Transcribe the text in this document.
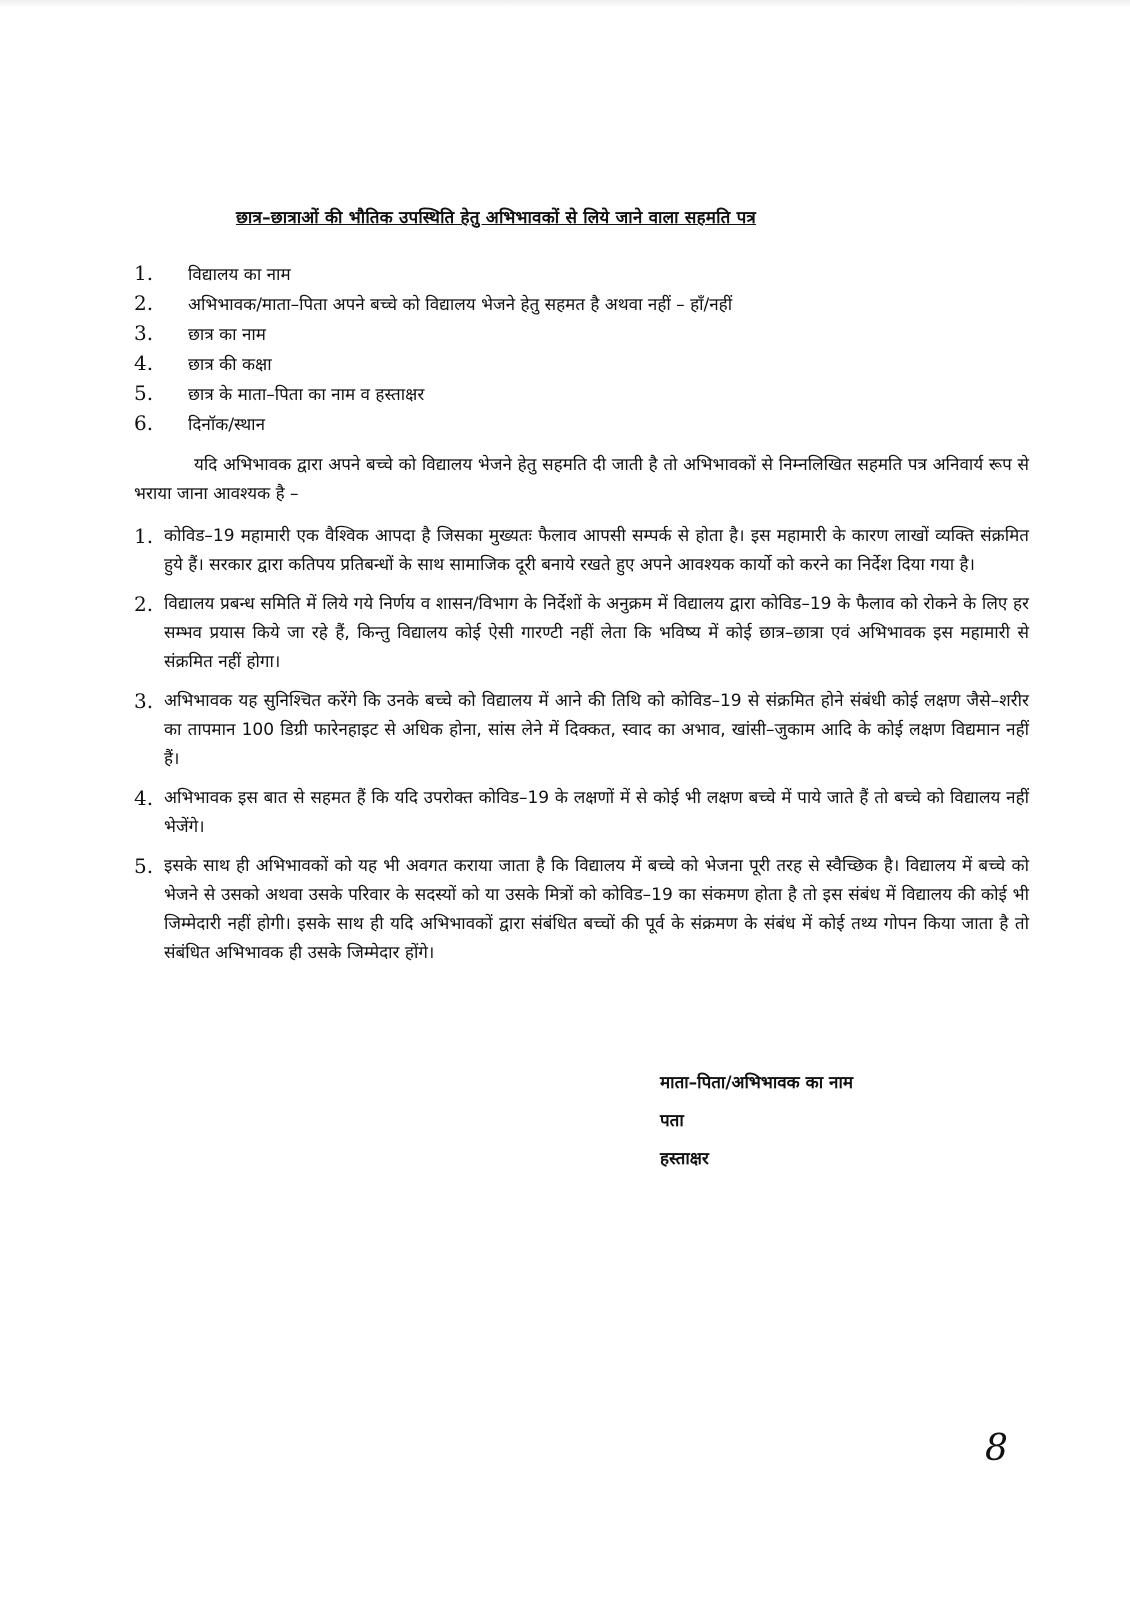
छात्र–छात्राओं की भौतिक उपस्थिति हेतु अभिभावकों से लिये जाने वाला सहमति पत्र
1.	विद्यालय का नाम
2.	अभिभावक/माता–पिता अपने बच्चे को विद्यालय भेजने हेतु सहमत है अथवा नहीं – हाँ/नहीं
3.	छात्र का नाम
4.	छात्र की कक्षा
5.	छात्र के माता–पिता का नाम व हस्ताक्षर
6.	दिनॉक/स्थान
यदि अभिभावक द्वारा अपने बच्चे को विद्यालय भेजने हेतु सहमति दी जाती है तो अभिभावकों से निम्नलिखित सहमति पत्र अनिवार्य रूप से भराया जाना आवश्यक है –
1. कोविड–19 महामारी एक वैश्विक आपदा है जिसका मुख्यतः फैलाव आपसी सम्पर्क से होता है। इस महामारी के कारण लाखों व्यक्ति संक्रमित हुये हैं। सरकार द्वारा कतिपय प्रतिबन्धों के साथ सामाजिक दूरी बनाये रखते हुए अपने आवश्यक कार्यो को करने का निर्देश दिया गया है।
2. विद्यालय प्रबन्ध समिति में लिये गये निर्णय व शासन/विभाग के निर्देशों के अनुक्रम में विद्यालय द्वारा कोविड–19 के फैलाव को रोकने के लिए हर सम्भव प्रयास किये जा रहे हैं, किन्तु विद्यालय कोई ऐसी गारण्टी नहीं लेता कि भविष्य में कोई छात्र–छात्रा एवं अभिभावक इस महामारी से संक्रमित नहीं होगा।
3. अभिभावक यह सुनिश्चित करेंगे कि उनके बच्चे को विद्यालय में आने की तिथि को कोविड–19 से संक्रमित होने संबंधी कोई लक्षण जैसे–शरीर का तापमान 100 डिग्री फारेनहाइट से अधिक होना, सांस लेने में दिक्कत, स्वाद का अभाव, खांसी–जुकाम आदि के कोई लक्षण विद्यमान नहीं हैं।
4. अभिभावक इस बात से सहमत हैं कि यदि उपरोक्त कोविड–19 के लक्षणों में से कोई भी लक्षण बच्चे में पाये जाते हैं तो बच्चे को विद्यालय नहीं भेजेंगे।
5. इसके साथ ही अभिभावकों को यह भी अवगत कराया जाता है कि विद्यालय में बच्चे को भेजना पूरी तरह से स्वैच्छिक है। विद्यालय में बच्चे को भेजने से उसको अथवा उसके परिवार के सदस्यों को या उसके मित्रों को कोविड–19 का संकमण होता है तो इस संबंध में विद्यालय की कोई भी जिम्मेदारी नहीं होगी। इसके साथ ही यदि अभिभावकों द्वारा संबंधित बच्चों की पूर्व के संक्रमण के संबंध में कोई तथ्य गोपन किया जाता है तो संबंधित अभिभावक ही उसके जिम्मेदार होंगे।
माता–पिता/अभिभावक का नाम
पता
हस्ताक्षर
8
